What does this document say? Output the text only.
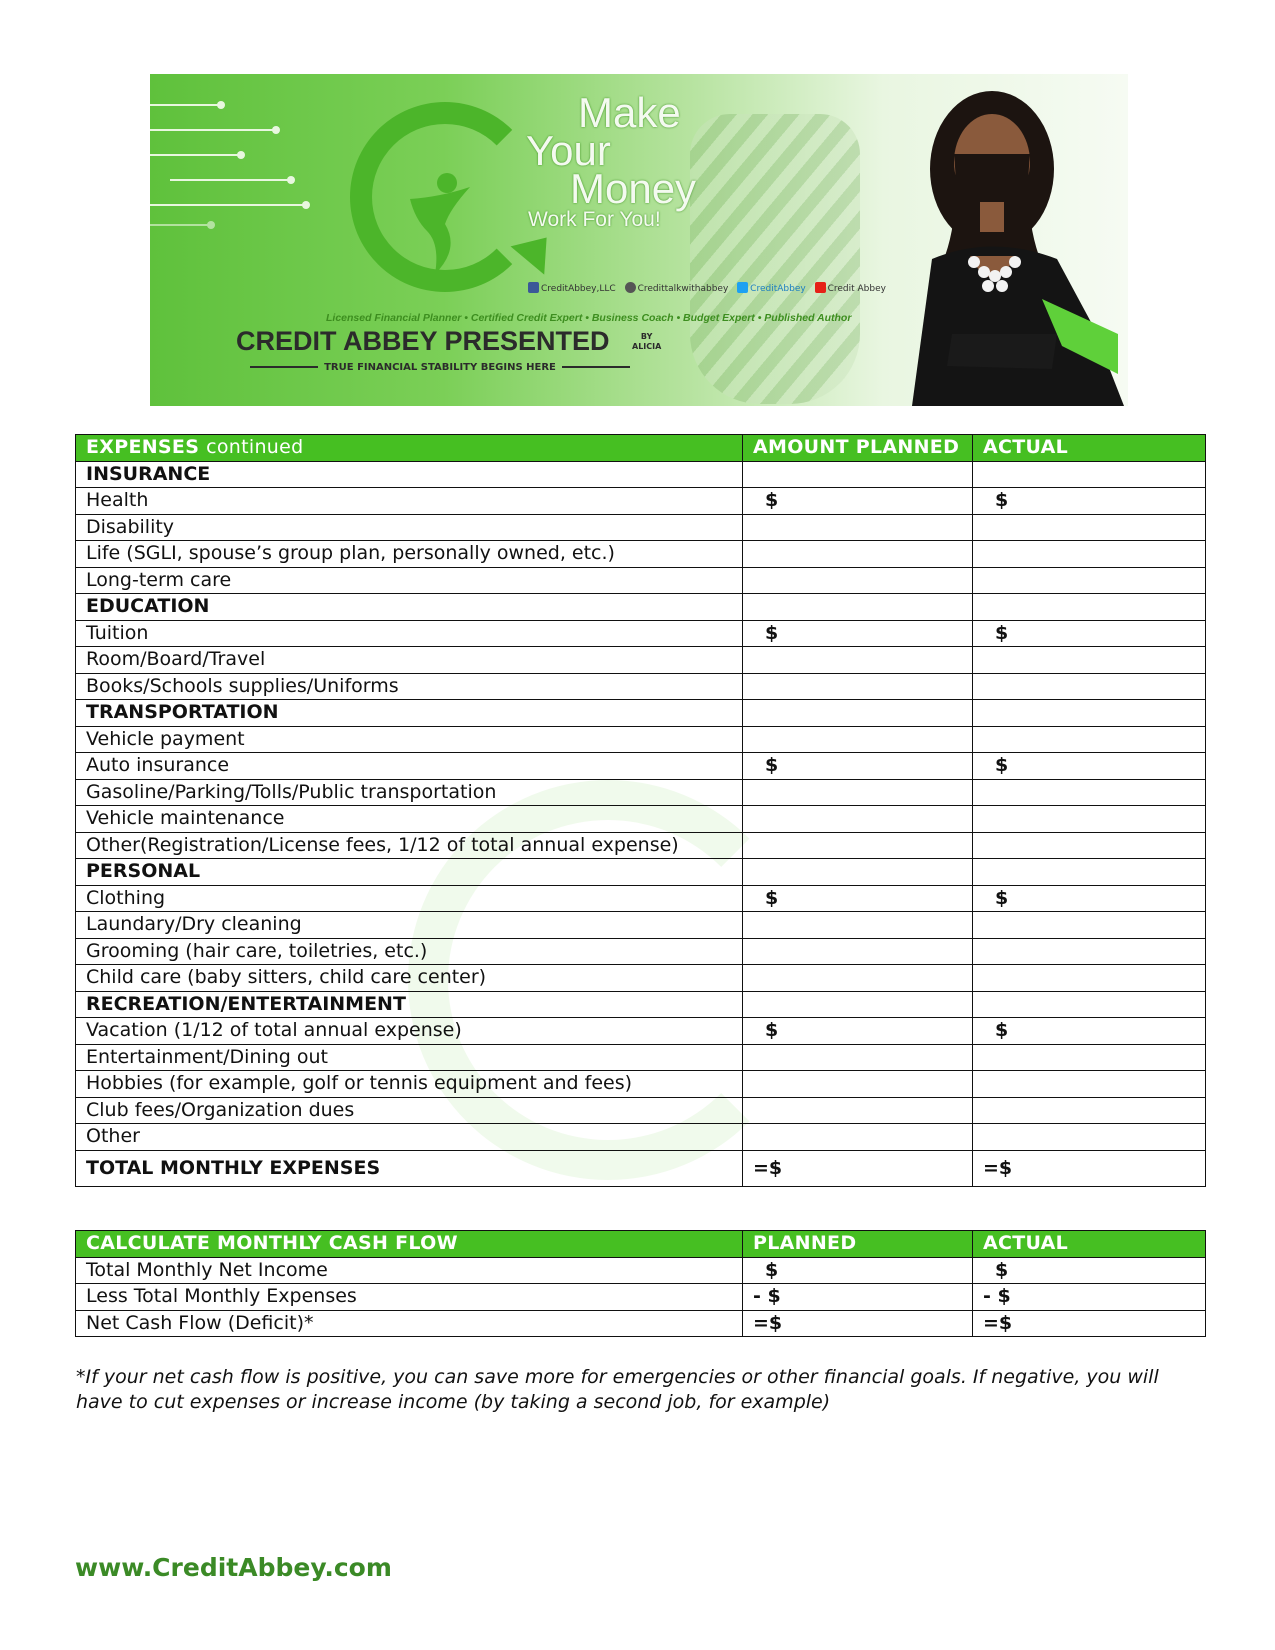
Make
Your
Money
Work For You!
CreditAbbey,LLC Credittalkwithabbey CreditAbbey Credit Abbey
Licensed Financial Planner • Certified Credit Expert • Business Coach • Budget Expert • Published Author
CREDIT ABBEY PRESENTED	BY
ALICIA
TRUE FINANCIAL STABILITY BEGINS HERE
EXPENSES continued	AMOUNT PLANNED	ACTUAL
INSURANCE		
Health	$	$
Disability		
Life (SGLI, spouse’s group plan, personally owned, etc.)		
Long-term care		
EDUCATION		
Tuition	$	$
Room/Board/Travel		
Books/Schools supplies/Uniforms		
TRANSPORTATION		
Vehicle payment		
Auto insurance	$	$
Gasoline/Parking/Tolls/Public transportation		
Vehicle maintenance		
Other(Registration/License fees, 1/12 of total annual expense)		
PERSONAL		
Clothing	$	$
Laundary/Dry cleaning		
Grooming (hair care, toiletries, etc.)		
Child care (baby sitters, child care center)		
RECREATION/ENTERTAINMENT		
Vacation (1/12 of total annual expense)	$	$
Entertainment/Dining out		
Hobbies (for example, golf or tennis equipment and fees)		
Club fees/Organization dues		
Other		
TOTAL MONTHLY EXPENSES	=$	=$
CALCULATE MONTHLY CASH FLOW	PLANNED	ACTUAL
Total Monthly Net Income	$	$
Less Total Monthly Expenses	- $	- $
Net Cash Flow (Deficit)*	=$	=$
*If your net cash flow is positive, you can save more for emergencies or other financial goals. If negative, you will have to cut expenses or increase income (by taking a second job, for example)
www.CreditAbbey.com
